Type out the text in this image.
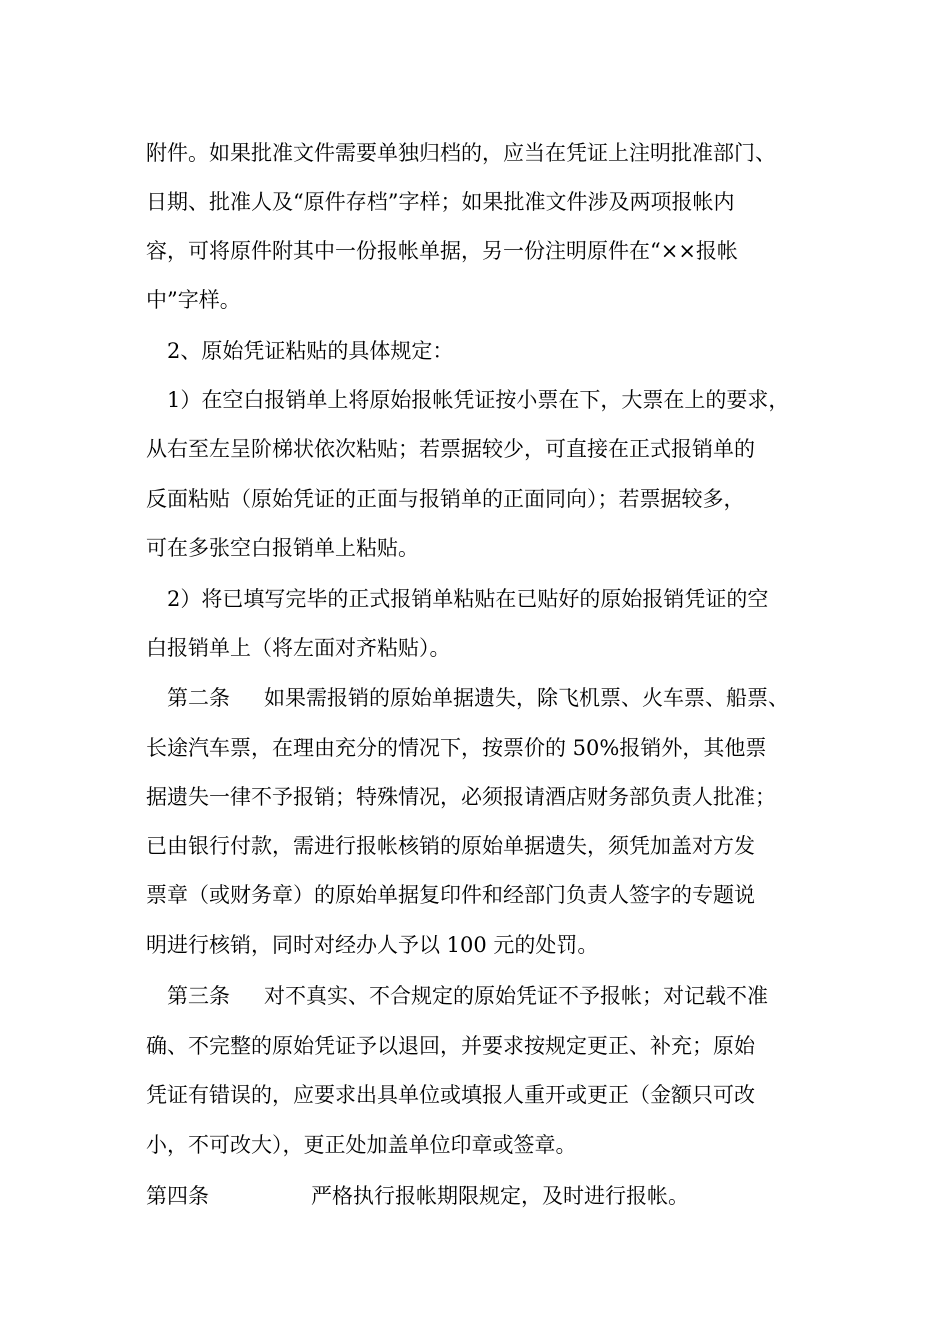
附件。如果批准文件需要单独归档的，应当在凭证上注明批准部门、
日期、批准人及“原件存档”字样；如果批准文件涉及两项报帐内
容，可将原件附其中一份报帐单据，另一份注明原件在“××报帐
中”字样。
2、原始凭证粘贴的具体规定：
1）在空白报销单上将原始报帐凭证按小票在下，大票在上的要求，
从右至左呈阶梯状依次粘贴；若票据较少，可直接在正式报销单的
反面粘贴（原始凭证的正面与报销单的正面同向）；若票据较多，
可在多张空白报销单上粘贴。
2）将已填写完毕的正式报销单粘贴在已贴好的原始报销凭证的空
白报销单上（将左面对齐粘贴）。
第二条 如果需报销的原始单据遗失，除飞机票、火车票、船票、
长途汽车票，在理由充分的情况下，按票价的 50%报销外，其他票
据遗失一律不予报销；特殊情况，必须报请酒店财务部负责人批准；
已由银行付款，需进行报帐核销的原始单据遗失，须凭加盖对方发
票章（或财务章）的原始单据复印件和经部门负责人签字的专题说
明进行核销，同时对经办人予以 100 元的处罚。
第三条 对不真实、不合规定的原始凭证不予报帐；对记载不准
确、不完整的原始凭证予以退回，并要求按规定更正、补充；原始
凭证有错误的，应要求出具单位或填报人重开或更正（金额只可改
小，不可改大），更正处加盖单位印章或签章。
第四条	严格执行报帐期限规定，及时进行报帐。
